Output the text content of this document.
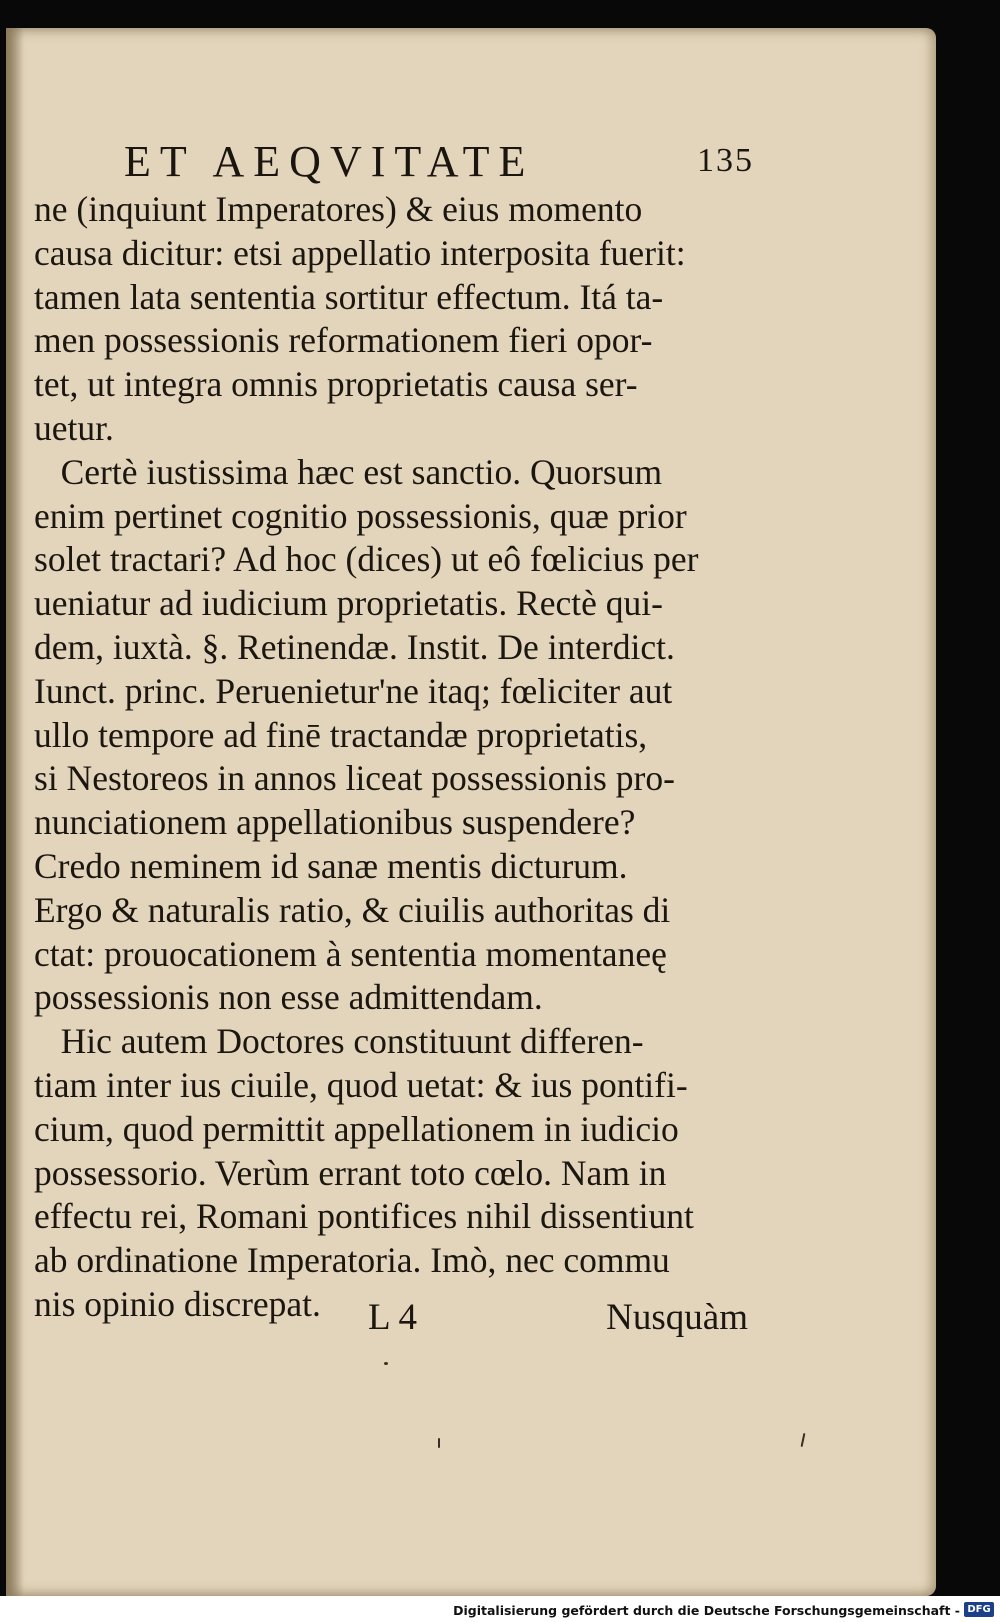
ET AEQVITATE	135
ne (inquiunt Imperatores) & eius momento
causa dicitur: etsi appellatio interposita fuerit:
tamen lata sententia sortitur effectum. Itá ta-
men possessionis reformationem fieri opor-
tet, ut integra omnis proprietatis causa ser-
uetur.
Certè iustissima hæc est sanctio. Quorsum
enim pertinet cognitio possessionis, quæ prior
solet tractari? Ad hoc (dices) ut eô fœlicius per
ueniatur ad iudicium proprietatis. Rectè qui-
dem, iuxtà. §. Retinendæ. Instit. De interdict.
Iunct. princ. Peruenietur'ne itaq; fœliciter aut
ullo tempore ad finē tractandæ proprietatis,
si Nestoreos in annos liceat possessionis pro-
nunciationem appellationibus suspendere?
Credo neminem id sanæ mentis dicturum.
Ergo & naturalis ratio, & ciuilis authoritas di
ctat: prouocationem à sententia momentaneę
possessionis non esse admittendam.
Hic autem Doctores constituunt differen-
tiam inter ius ciuile, quod uetat: & ius pontifi-
cium, quod permittit appellationem in iudicio
possessorio. Verùm errant toto cœlo. Nam in
effectu rei, Romani pontifices nihil dissentiunt
ab ordinatione Imperatoria. Imò, nec commu
nis opinio discrepat.	L 4	Nusquàm
Digitalisierung gefördert durch die Deutsche Forschungsgemeinschaft - DFG
